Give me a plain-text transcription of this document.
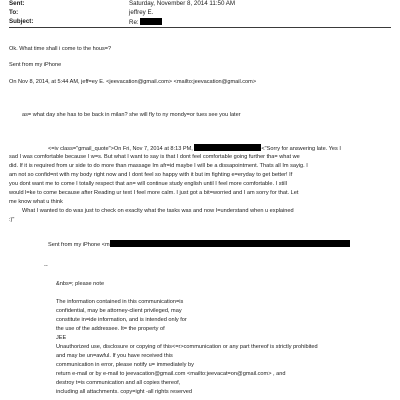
Sent:	Saturday, November 8, 2014 11:50 AM
To:	jeffrey E.
Subject:	Re:
Ok. What time shall i come to the hous=?
Sent from my iPhone
On Nov 8, 2014, at 5:44 AM, jeff=ey E. <jeevacation@gmail.com> <mailto:jeevacation@gmail.com>
as= what day she has to be back in milan? she will fly to ny mondy=or tues see you later
<=iv class="gmail_quote">On Fri, Nov 7, 2014 at 8:13 PM,	<"Sorry for answering late. Yes I
sad I was comfortable because I w=s. But what I want to say is that I dont feel comfortable going further tha= what we
did. If it is required from ur side to do more than massage Im afr=id maybe I will be a dissapointment. Thats all Im sayig. I
am not so confid=nt with my body right now and I dont feel so happy with it but im fighting e=eryday to get better! If
you dont want me to come I totally respect that an= will continue study english until I feel more comfortable. I still
would l=ke to come because after Reading ur text I feel more calm. I just got a bit=worried and I am sorry for that. Let
me know what u think
What I wanted to do was just to check on exaclty what the tasks was and now I=understand when u explained
:)"
Sent from my iPhone <m
--
&nbs=; please note
The information contained in this communication=is
confidential, may be attorney-client privileged, may
constitute in=ide information, and is intended only for
the use of the addressee. It= the property of
JEE
Unauthorized use, disclosure or copying of this<=r>communication or any part thereof is strictly prohibited
and may be un=awful. If you have received this
communication in error, please notify u= immediately by
return e-mail or by e-mail to jeevacation@gmail.com <mailto:jeevacat=on@gmail.com> , and
destroy t=is communication and all copies thereof,
including all attachments. copy=ight -all rights reserved
